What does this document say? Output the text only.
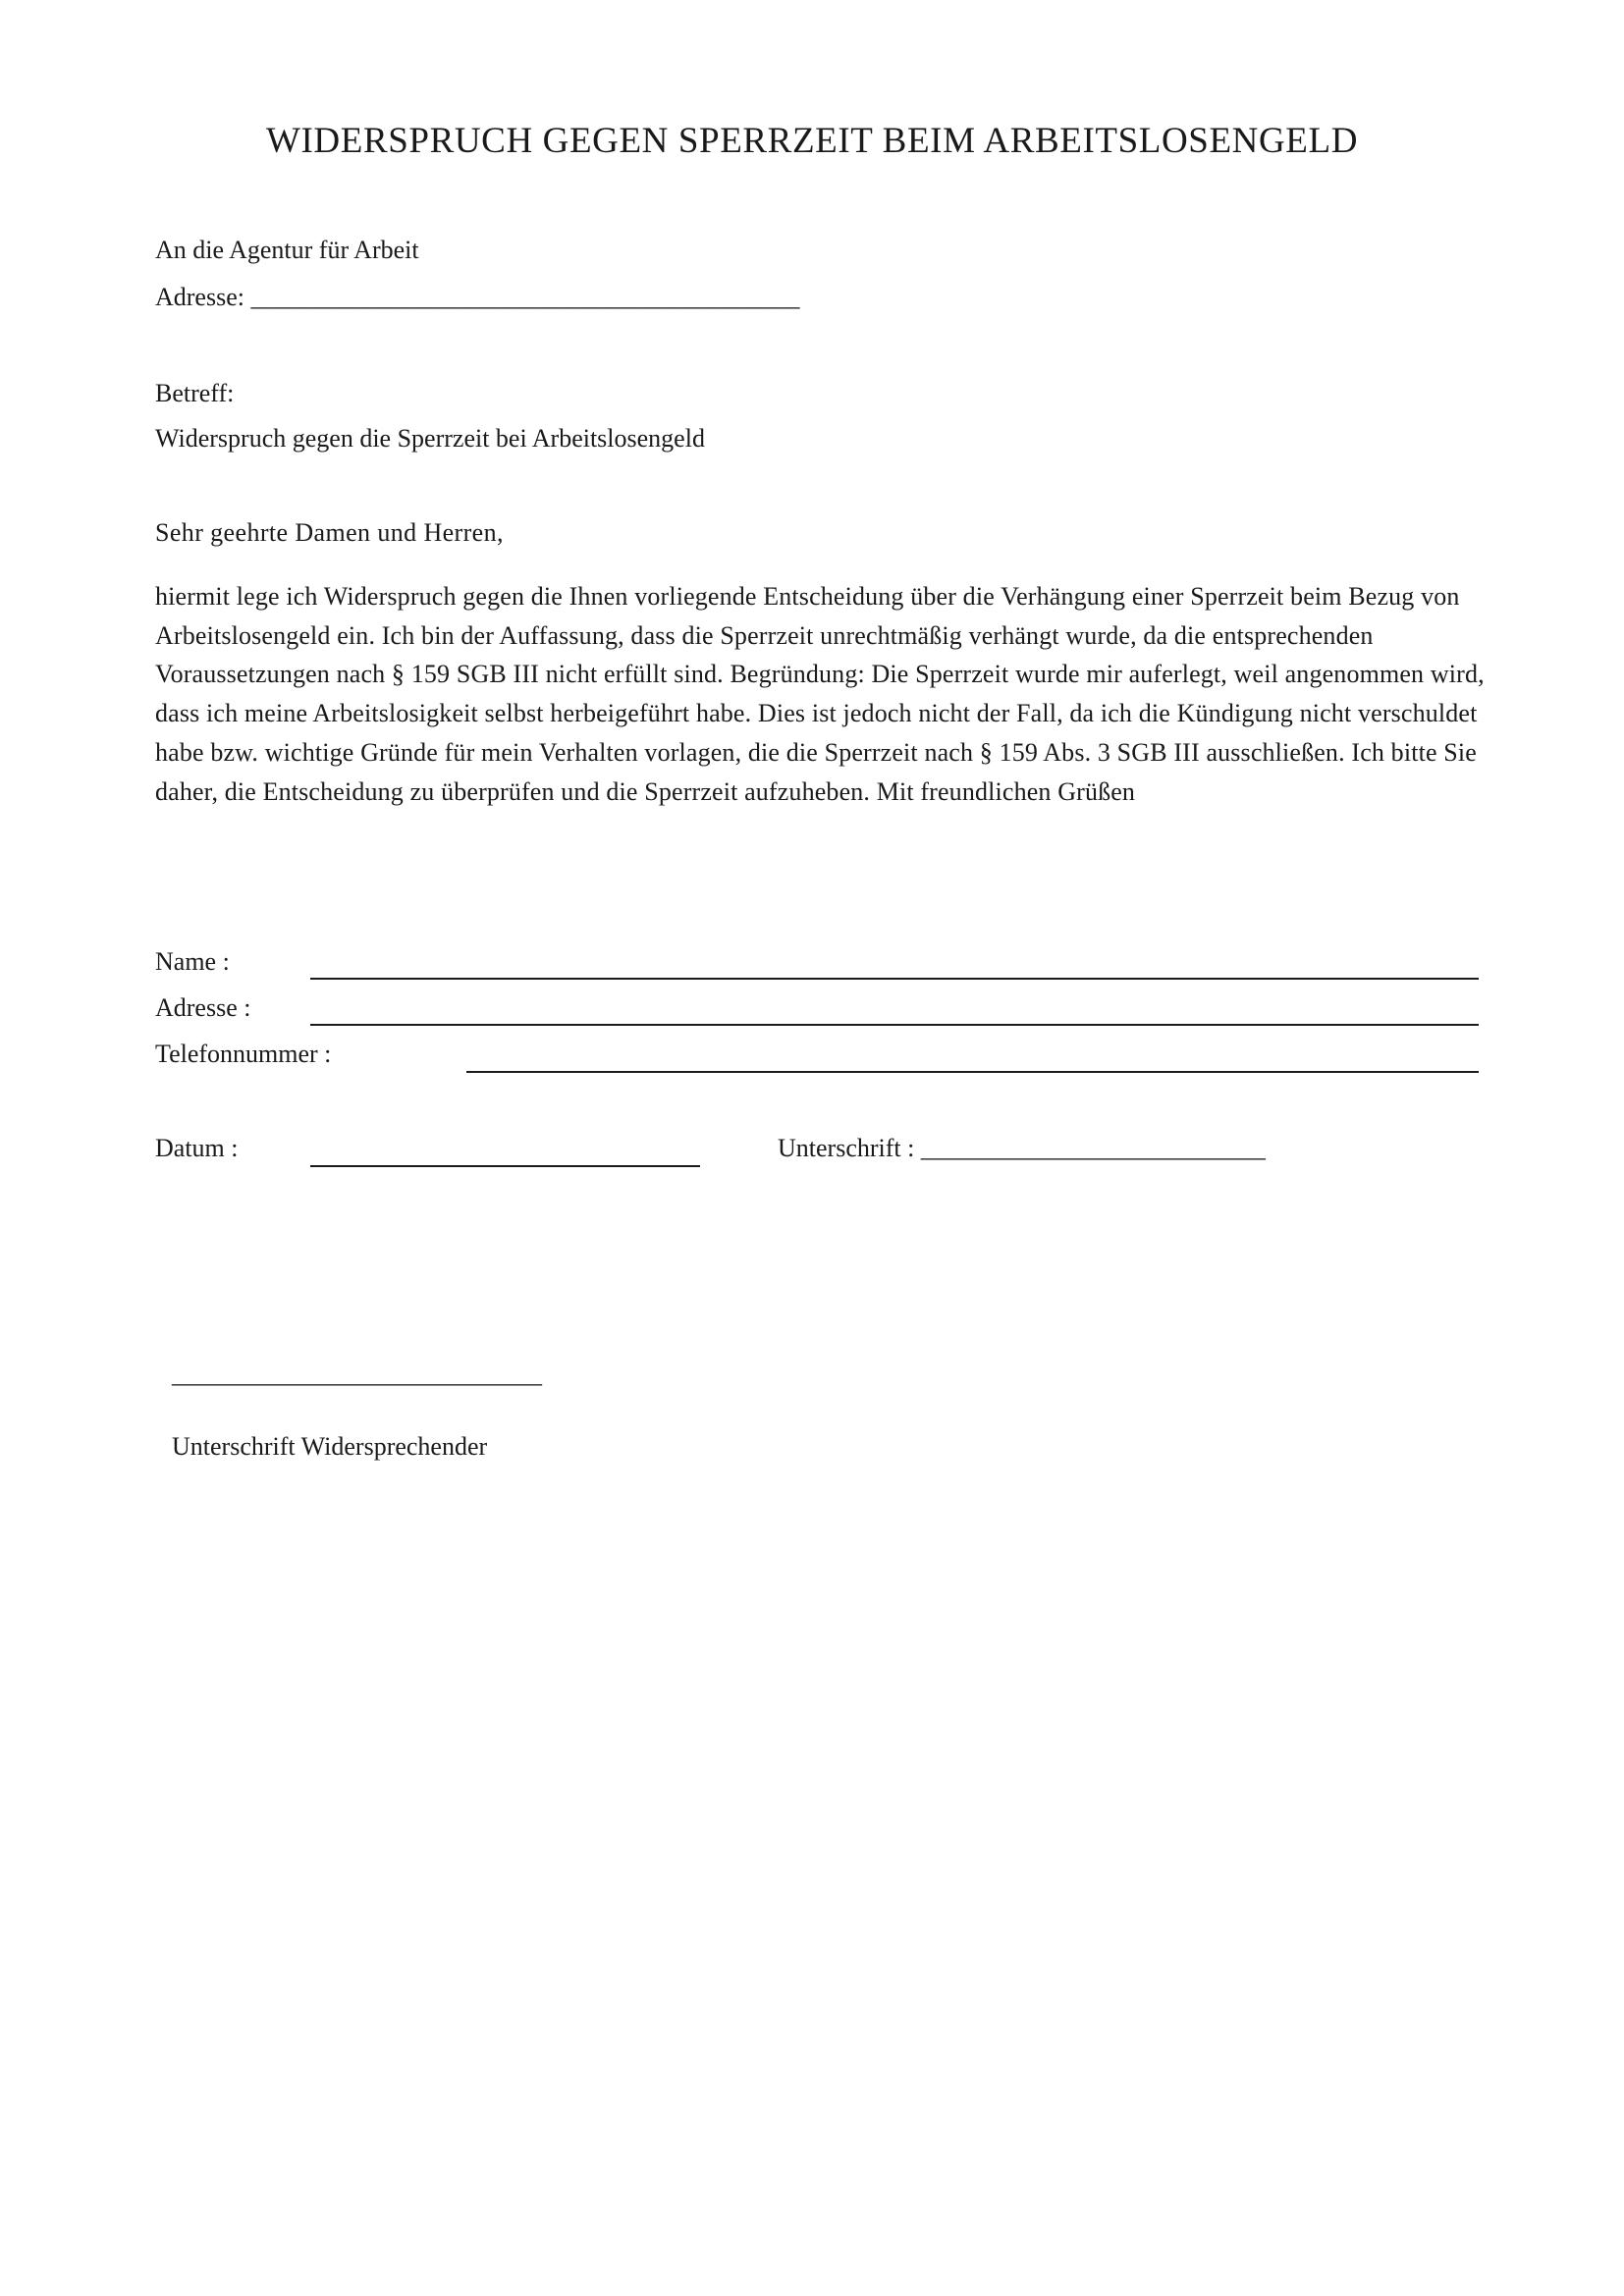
WIDERSPRUCH GEGEN SPERRZEIT BEIM ARBEITSLOSENGELD
An die Agentur für Arbeit
Adresse: ___________________________________________
Betreff:
Widerspruch gegen die Sperrzeit bei Arbeitslosengeld
Sehr geehrte Damen und Herren,
hiermit lege ich Widerspruch gegen die Ihnen vorliegende Entscheidung über die Verhängung einer Sperrzeit beim Bezug von Arbeitslosengeld ein. Ich bin der Auffassung, dass die Sperrzeit unrechtmäßig verhängt wurde, da die entsprechenden Voraussetzungen nach § 159 SGB III nicht erfüllt sind. Begründung: Die Sperrzeit wurde mir auferlegt, weil angenommen wird, dass ich meine Arbeitslosigkeit selbst herbeigeführt habe. Dies ist jedoch nicht der Fall, da ich die Kündigung nicht verschuldet habe bzw. wichtige Gründe für mein Verhalten vorlagen, die die Sperrzeit nach § 159 Abs. 3 SGB III ausschließen. Ich bitte Sie daher, die Entscheidung zu überprüfen und die Sperrzeit aufzuheben. Mit freundlichen Grüßen
Name :
Adresse :
Telefonnummer :
Datum :	Unterschrift : ___________________________
_____________________________
Unterschrift Widersprechender
